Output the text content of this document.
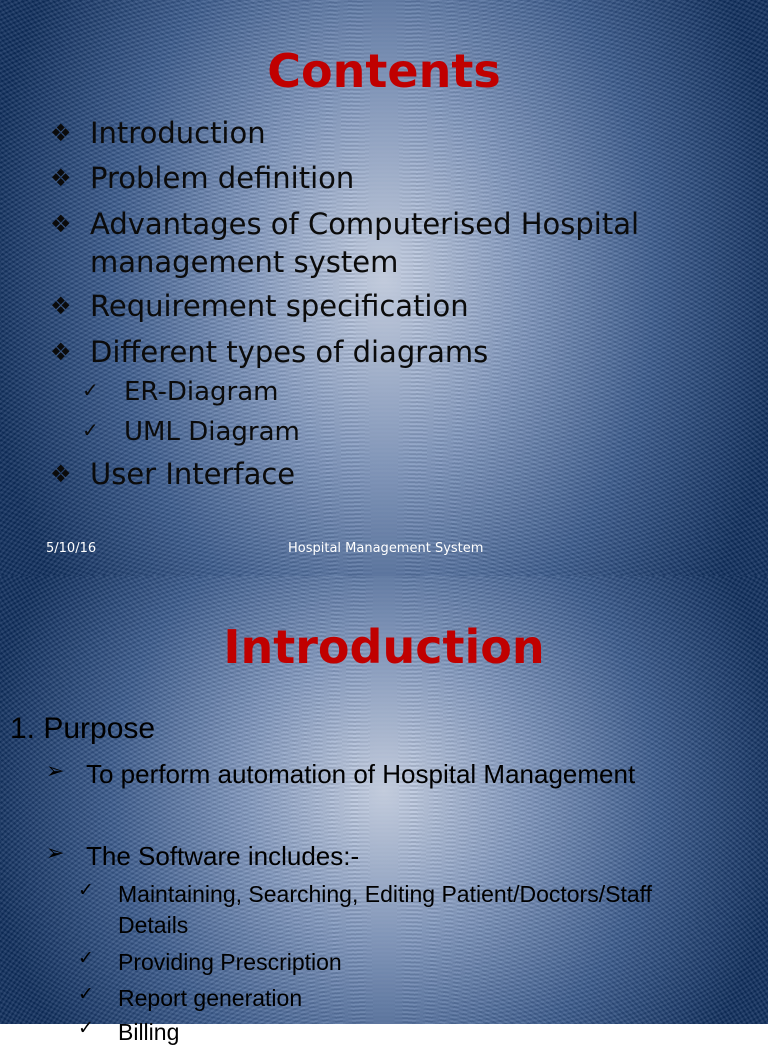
Contents
❖ Introduction
❖ Problem definition
❖ Advantages of Computerised Hospital
management system
❖ Requirement specification
❖ Different types of diagrams
✓ ER-Diagram
✓ UML Diagram
❖ User Interface
5/10/16	Hospital Management System
Introduction
1. Purpose
➢ To perform automation of Hospital Management
➢ The Software includes:-
✓ Maintaining, Searching, Editing Patient/Doctors/Staff
Details
✓ Providing Prescription
✓ Report generation
✓ Billing
